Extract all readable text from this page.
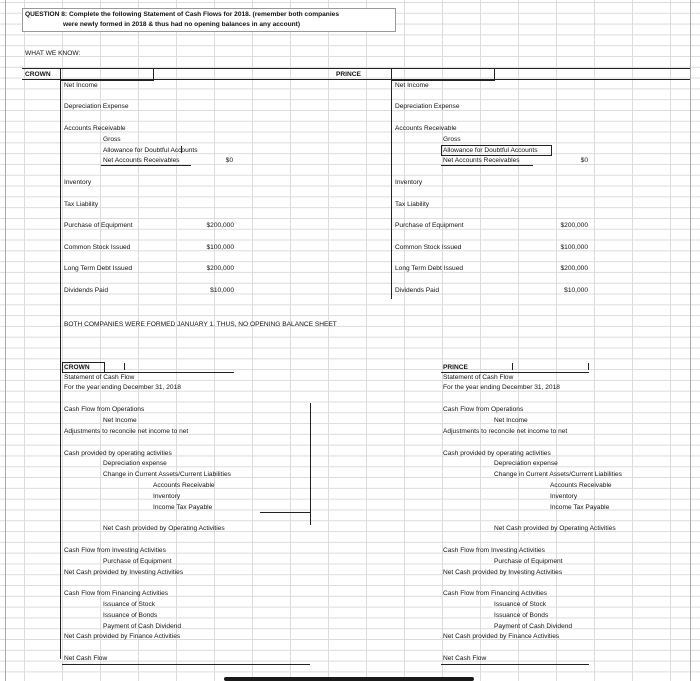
QUESTION 8: Complete the following Statement of Cash Flows for 2018. (remember both companies
were newly formed in 2018 & thus had no opening balances in any account)
WHAT WE KNOW:
CROWN	PRINCE
Net Income
Depreciation Expense
Accounts Receivable
Gross
Allowance for Doubtful Accounts
Net Accounts Receivables	$0
Inventory
Tax Liability
Purchase of Equipment	$200,000
Common Stock Issued	$100,000
Long Term Debt Issued	$200,000
Dividends Paid	$10,000
Net Income
Depreciation Expense
Accounts Receivable
Gross
Allowance for Doubtful Accounts
Net Accounts Receivables	$0
Inventory
Tax Liability
Purchase of Equipment	$200,000
Common Stock Issued	$100,000
Long Term Debt Issued	$200,000
Dividends Paid	$10,000
BOTH COMPANIES WERE FORMED JANUARY 1. THUS, NO OPENING BALANCE SHEET
CROWN
Statement of Cash Flow
For the year ending December 31, 2018
Cash Flow from Operations
Net Income
Adjustments to reconcile net income to net
Cash provided by operating activities
Depreciation expense
Change in Current Assets/Current Liabilities
Accounts Receivable
Inventory
Income Tax Payable
Net Cash provided by Operating Activities
Cash Flow from Investing Activities
Purchase of Equipment
Net Cash provided by Investing Activities
Cash Flow from Financing Activities
Issuance of Stock
Issuance of Bonds
Payment of Cash Dividend
Net Cash provided by Finance Activities
Net Cash Flow
PRINCE
Statement of Cash Flow
For the year ending December 31, 2018
Cash Flow from Operations
Net Income
Adjustments to reconcile net income to net
Cash provided by operating activities
Depreciation expense
Change in Current Assets/Current Liabilities
Accounts Receivable
Inventory
Income Tax Payable
Net Cash provided by Operating Activities
Cash Flow from Investing Activities
Purchase of Equipment
Net Cash provided by Investing Activities
Cash Flow from Financing Activities
Issuance of Stock
Issuance of Bonds
Payment of Cash Dividend
Net Cash provided by Finance Activities
Net Cash Flow
